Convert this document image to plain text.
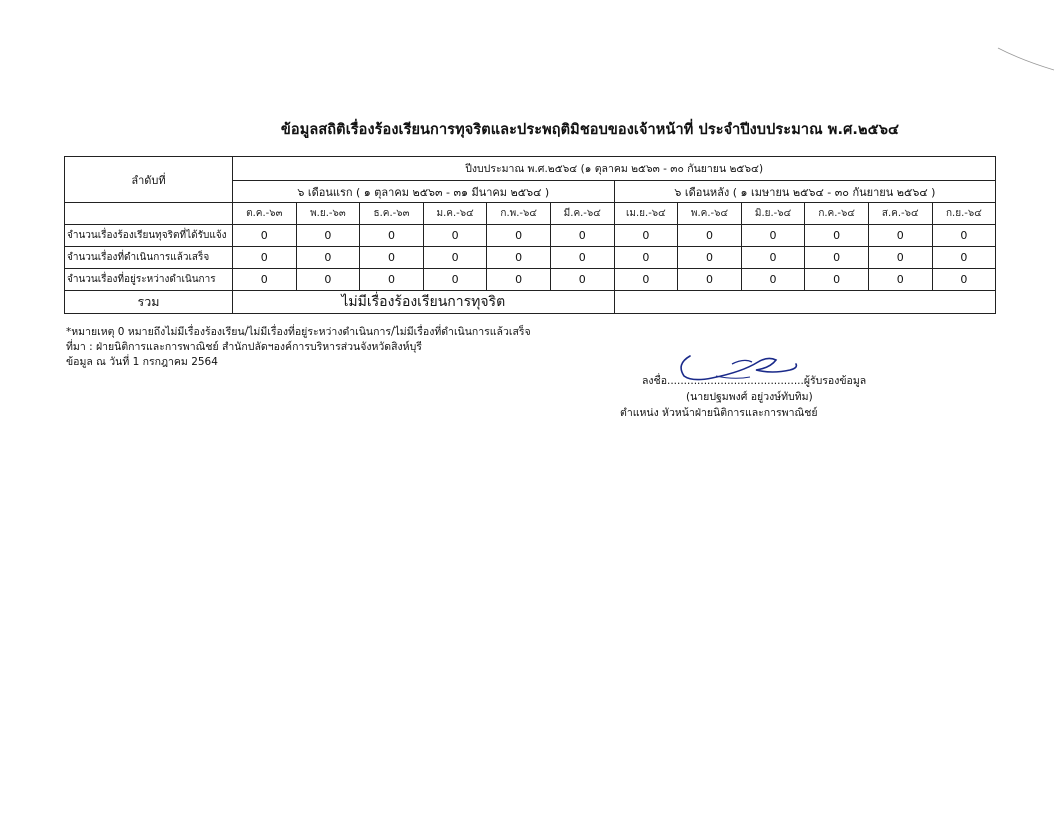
ข้อมูลสถิติเรื่องร้องเรียนการทุจริตและประพฤติมิชอบของเจ้าหน้าที่ ประจำปีงบประมาณ พ.ศ.๒๕๖๔
ลำดับที่	ปีงบประมาณ พ.ศ.๒๕๖๔ (๑ ตุลาคม ๒๕๖๓ - ๓๐ กันยายน ๒๕๖๔)											
	๖ เดือนแรก ( ๑ ตุลาคม ๒๕๖๓ - ๓๑ มีนาคม ๒๕๖๔ )						๖ เดือนหลัง ( ๑ เมษายน ๒๕๖๔ - ๓๐ กันยายน ๒๕๖๔ )					
	ต.ค.-๖๓	พ.ย.-๖๓	ธ.ค.-๖๓	ม.ค.-๖๔	ก.พ.-๖๔	มี.ค.-๖๔	เม.ย.-๖๔	พ.ค.-๖๔	มิ.ย.-๖๔	ก.ค.-๖๔	ส.ค.-๖๔	ก.ย.-๖๔
จำนวนเรื่องร้องเรียนทุจริตที่ได้รับแจ้ง	0	0	0	0	0	0	0	0	0	0	0	0
จำนวนเรื่องที่ดำเนินการแล้วเสร็จ	0	0	0	0	0	0	0	0	0	0	0	0
จำนวนเรื่องที่อยู่ระหว่างดำเนินการ	0	0	0	0	0	0	0	0	0	0	0	0
รวม	ไม่มีเรื่องร้องเรียนการทุจริต											
*หมายเหตุ 0 หมายถึงไม่มีเรื่องร้องเรียน/ไม่มีเรื่องที่อยู่ระหว่างดำเนินการ/ไม่มีเรื่องที่ดำเนินการแล้วเสร็จ
ที่มา : ฝ่ายนิติการและการพาณิชย์ สำนักปลัดฯองค์การบริหารส่วนจังหวัดสิงห์บุรี
ข้อมูล ณ วันที่ 1 กรกฎาคม 2564
ลงชื่อ.........................................ผู้รับรองข้อมูล
(นายปฐมพงศ์ อยู่วงษ์ทับทิม)
ตำแหน่ง หัวหน้าฝ่ายนิติการและการพาณิชย์
